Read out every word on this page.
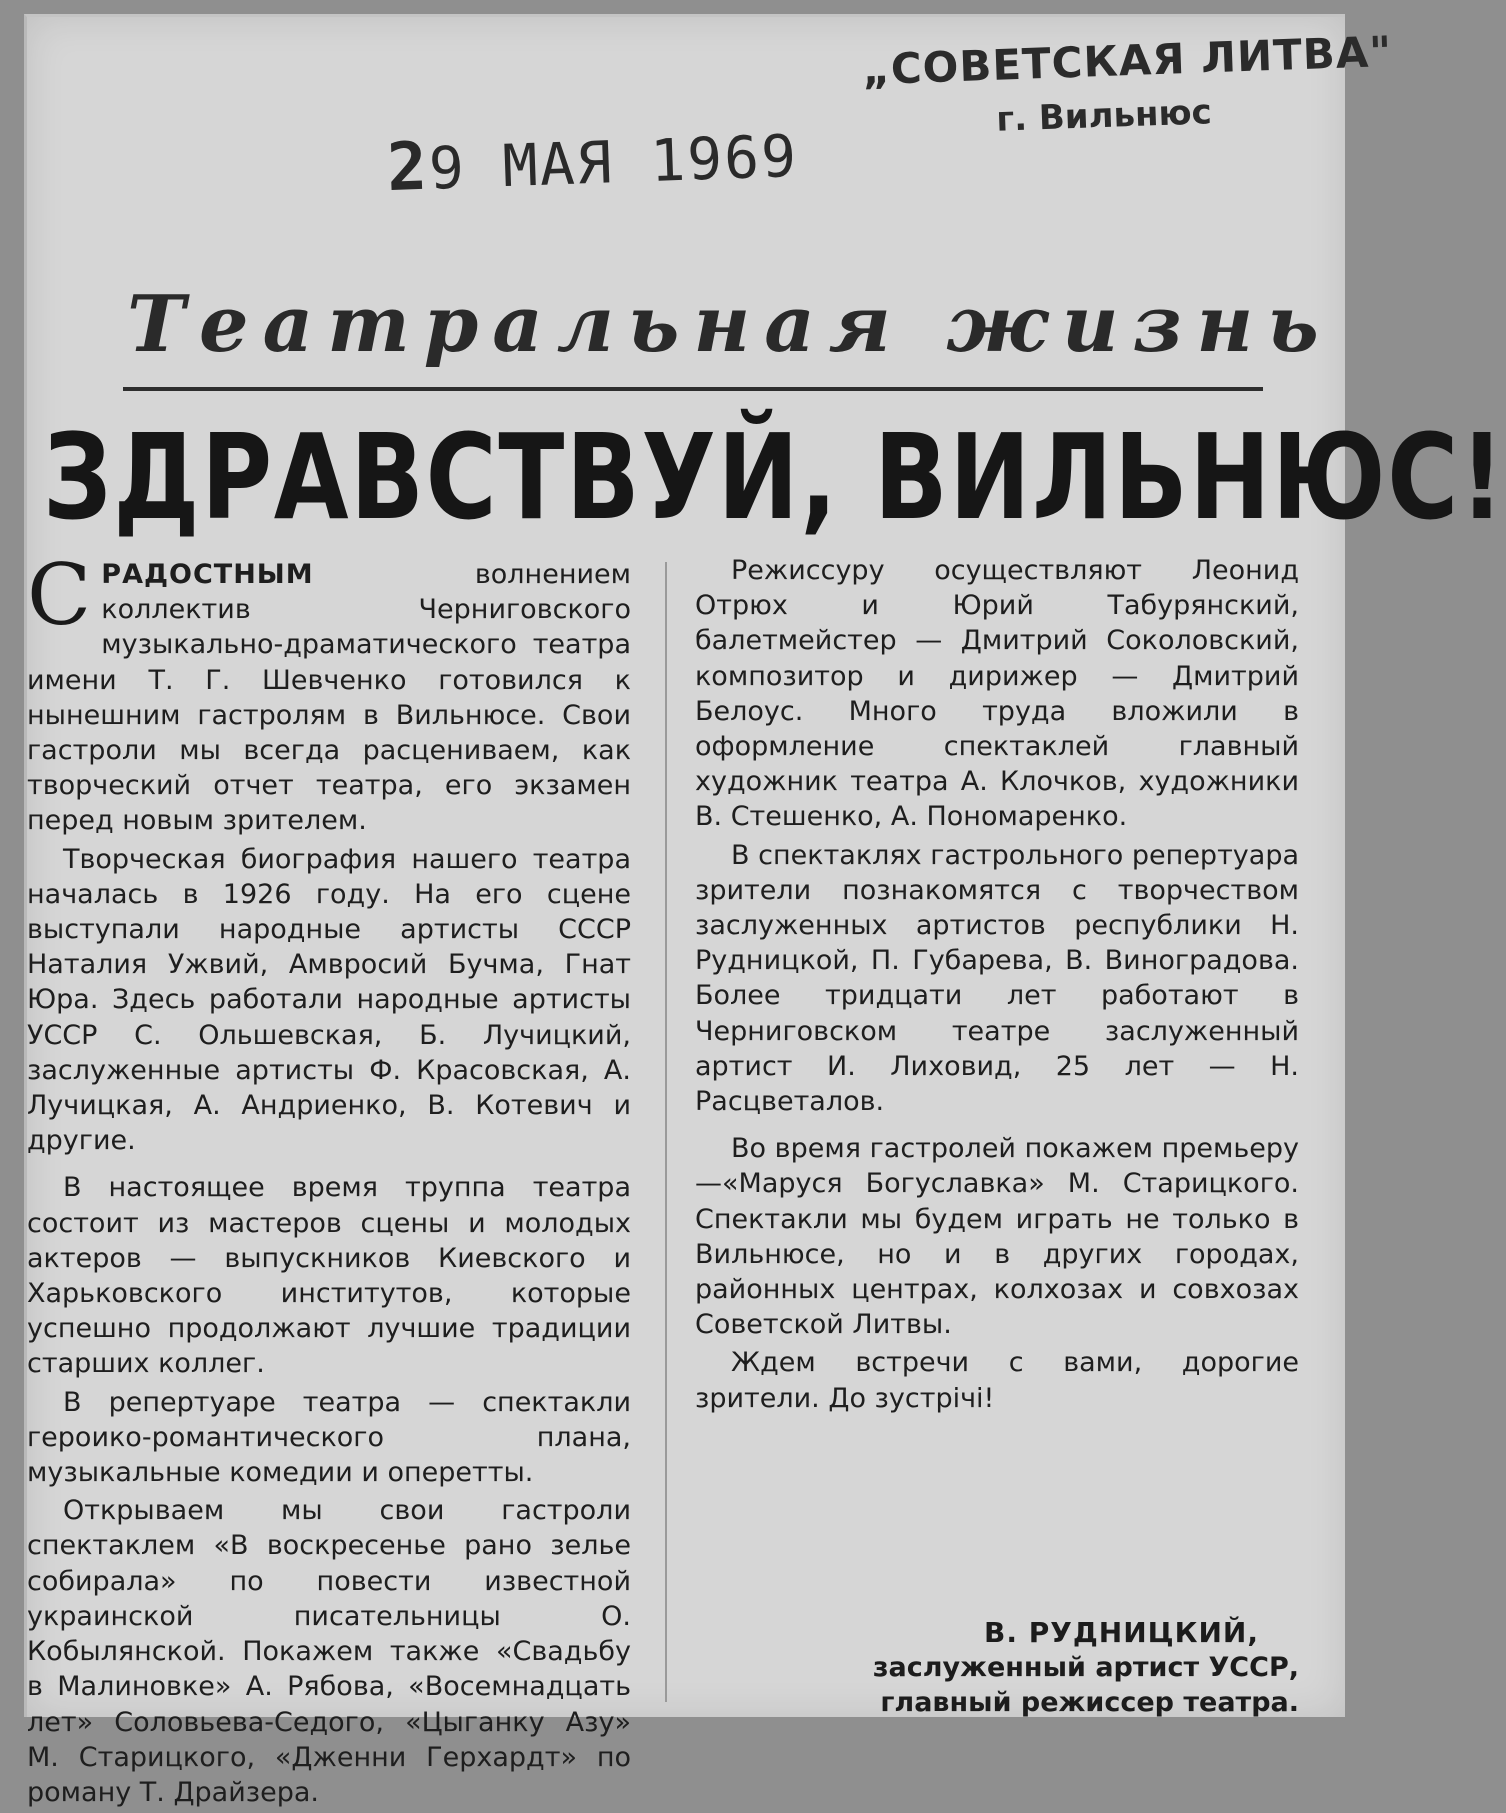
29 МАЯ 1969
„СОВЕТСКАЯ ЛИТВА"
г. Вильнюс
Театральная жизнь
ЗДРАВСТВУЙ, ВИЛЬНЮС!

СРАДОСТНЫМ волнением коллектив Черниговского музыкально-драматического театра имени Т. Г. Шевченко готовился к нынешним гастролям в Вильнюсе. Свои гастроли мы всегда расцениваем, как творческий отчет театра, его экзамен перед новым зрителем.

Творческая биография нашего театра началась в 1926 году. На его сцене выступали народные артисты СССР Наталия Ужвий, Амвросий Бучма, Гнат Юра. Здесь работали народные артисты УССР С. Ольшевская, Б. Лучицкий, заслуженные артисты Ф. Красовская, А. Лучицкая, А. Андриенко, В. Котевич и другие.

В настоящее время труппа театра состоит из мастеров сцены и молодых актеров — выпускников Киевского и Харьковского институтов, которые успешно продолжают лучшие традиции старших коллег.

В репертуаре театра — спектакли героико-романтического плана, музыкальные комедии и оперетты.

Открываем мы свои гастроли спектаклем «В воскресенье рано зелье собирала» по повести известной украинской писательницы О. Кобылянской. Покажем также «Свадьбу в Малиновке» А. Рябова, «Восемнадцать лет» Соловьева-Седого, «Цыганку Азу» М. Старицкого, «Дженни Герхардт» по роману Т. Драйзера.

Режиссуру осуществляют Леонид Отрюх и Юрий Табурянский, балетмейстер — Дмитрий Соколовский, композитор и дирижер — Дмитрий Белоус. Много труда вложили в оформление спектаклей главный художник театра А. Клочков, художники В. Стешенко, А. Пономаренко.

В спектаклях гастрольного репертуара зрители познакомятся с творчеством заслуженных артистов республики Н. Рудницкой, П. Губарева, В. Виноградова. Более тридцати лет работают в Черниговском театре заслуженный артист И. Лиховид, 25 лет — Н. Расцветалов.

Во время гастролей покажем премьеру—«Маруся Богуславка» М. Старицкого. Спектакли мы будем играть не только в Вильнюсе, но и в других городах, районных центрах, колхозах и совхозах Советской Литвы.

Ждем встречи с вами, дорогие зрители. До зустрічі!

В. РУДНИЦКИЙ,
заслуженный артист УССР,
главный режиссер театра.
